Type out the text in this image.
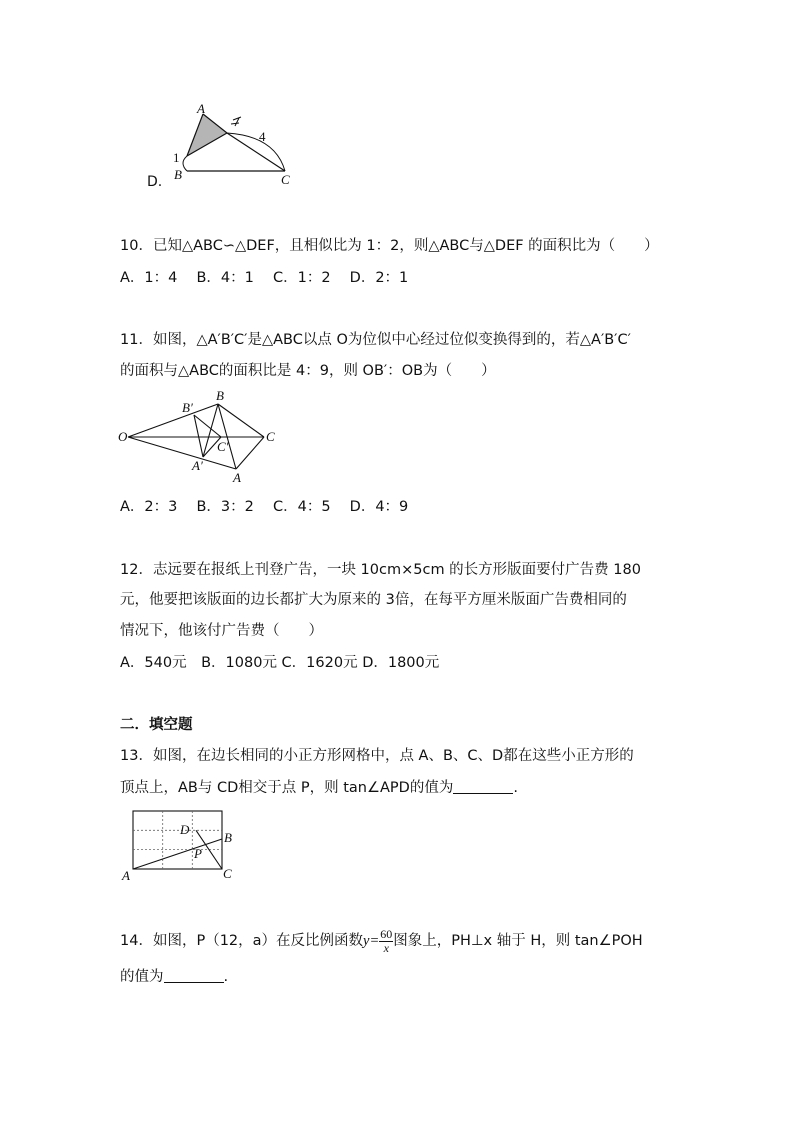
D.
A
B	C
1
4
10．已知△ABC∽△DEF，且相似比为 1：2，则△ABC与△DEF 的面积比为（　　）
A．1：4　 B．4：1　 C．1：2　 D．2：1
11．如图，△A′B′C′是△ABC以点 O为位似中心经过位似变换得到的，若△A′B′C′
的面积与△ABC的面积比是 4：9，则 OB′：OB为（　　）
O
B′
B
C′
C
A′
A
A．2：3　 B．3：2　 C．4：5　 D．4：9
12．志远要在报纸上刊登广告，一块 10cm×5cm 的长方形版面要付广告费 180
元，他要把该版面的边长都扩大为原来的 3倍，在每平方厘米版面广告费相同的
情况下，他该付广告费（　　）
A．540元　B．1080元 C．1620元 D．1800元
二．填空题
13．如图，在边长相同的小正方形网格中，点 A、B、C、D都在这些小正方形的
顶点上，AB与 CD相交于点 P，则 tan∠APD的值为	.
A
B
C
D
P
14．如图，P（12，a）在反比例函数$y= \frac{60}{x}$ 图象上，PH⊥x 轴于 H，则 tan∠POH
的值为	.
